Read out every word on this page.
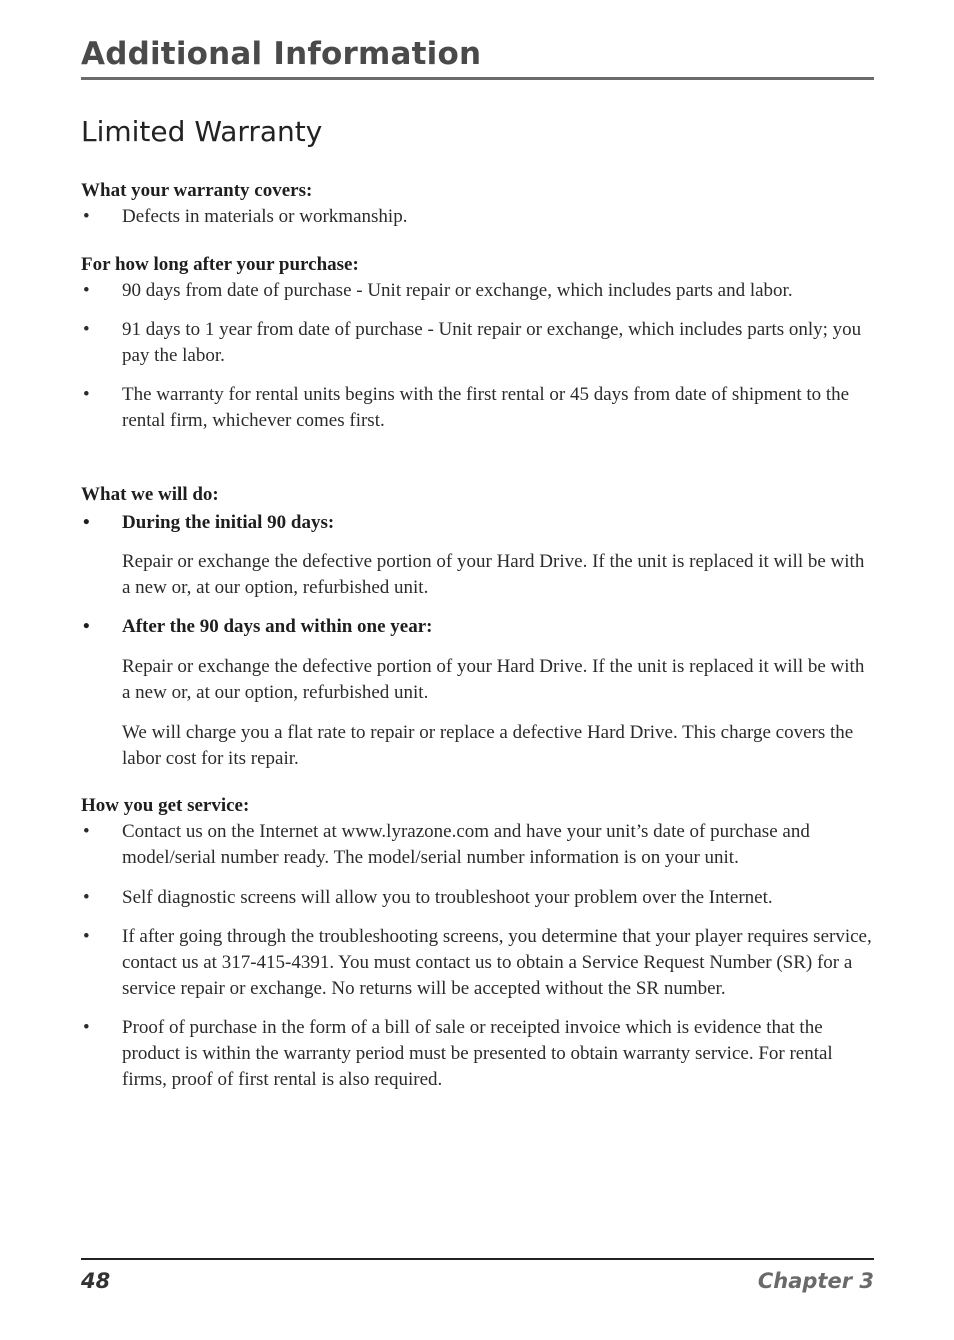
Additional Information
Limited Warranty

What your warranty covers:

• Defects in materials or workmanship.

For how long after your purchase:

• 90 days from date of purchase - Unit repair or exchange, which includes parts and labor.

• 91 days to 1 year from date of purchase - Unit repair or exchange, which includes parts only; you pay the labor.

• The warranty for rental units begins with the first rental or 45 days from date of shipment to the rental firm, whichever comes first.

What we will do:

• During the initial 90 days:

Repair or exchange the defective portion of your Hard Drive. If the unit is replaced it will be with a new or, at our option, refurbished unit.

• After the 90 days and within one year:

Repair or exchange the defective portion of your Hard Drive. If the unit is replaced it will be with a new or, at our option, refurbished unit.

We will charge you a flat rate to repair or replace a defective Hard Drive. This charge covers the labor cost for its repair.

How you get service:

• Contact us on the Internet at www.lyrazone.com and have your unit’s date of purchase and model/serial number ready. The model/serial number information is on your unit.

• Self diagnostic screens will allow you to troubleshoot your problem over the Internet.

• If after going through the troubleshooting screens, you determine that your player requires service, contact us at 317-415-4391. You must contact us to obtain a Service Request Number (SR) for a service repair or exchange. No returns will be accepted without the SR number.

• Proof of purchase in the form of a bill of sale or receipted invoice which is evidence that the product is within the warranty period must be presented to obtain warranty service. For rental firms, proof of first rental is also required.

48	Chapter 3
